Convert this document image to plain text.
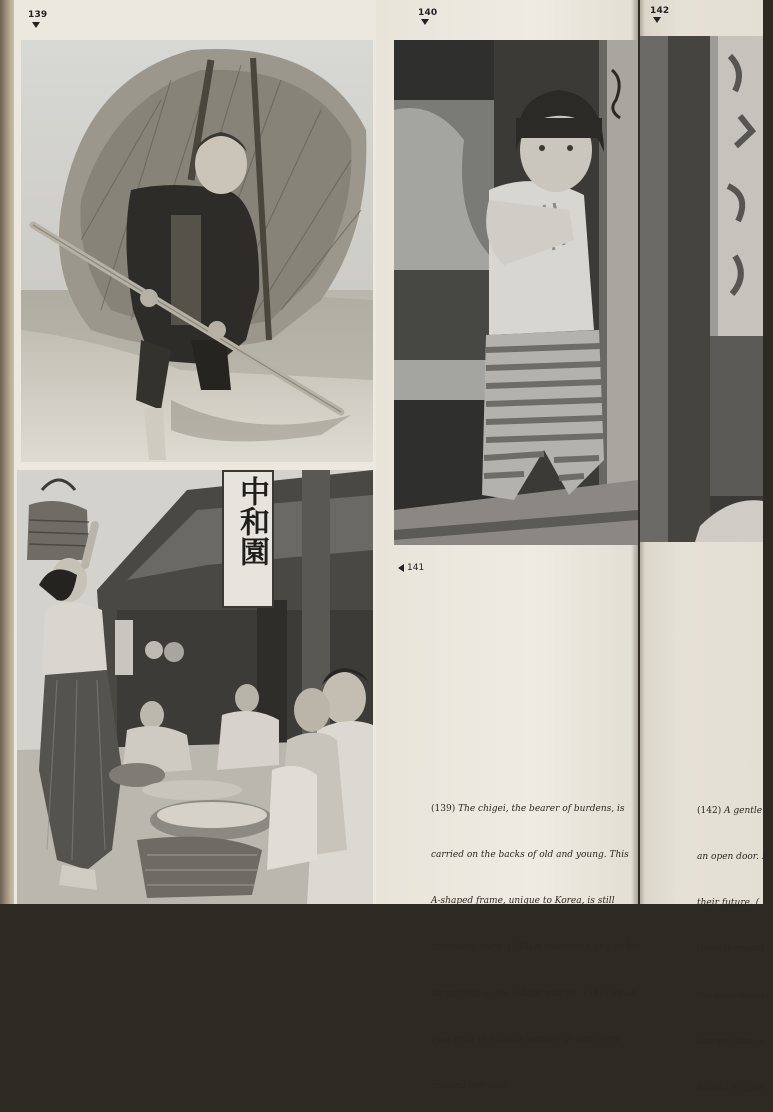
139	140	142
中和園
141

(139) The chigei, the bearer of burdens, is

carried on the backs of old and young. This

A-shaped frame, unique to Korea, is still

commonly used. (140) A housewife begins her

bargaining in the village market. (141) Small

eyes gaze in curious wonder at strangers

passing her way.

(142) A gentle

an open door. F

their future. (

there is organi

the busy housew

Competition is

heated hagglin
